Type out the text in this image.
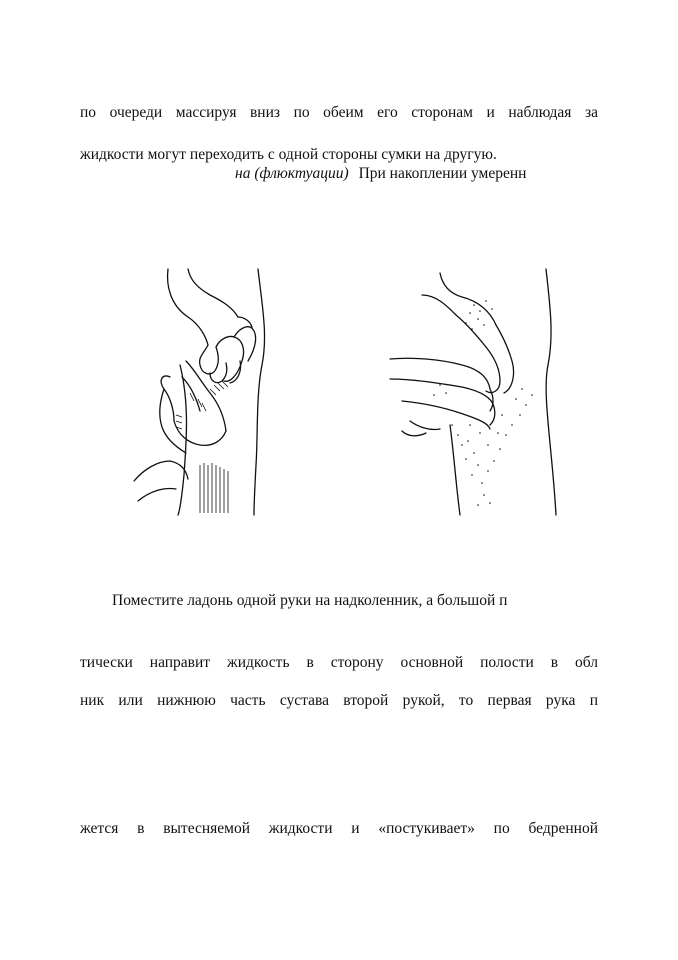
по очереди массируя вниз по обеим его сторонам и наблюдая за
жидкости могут переходить с одной стороны сумки на другую.
на (флюктуации) При накоплении умеренн
Поместите ладонь одной руки на надколенник, а большой п
тически направит жидкость в сторону основной полости в обл
ник или нижнюю часть сустава второй рукой, то первая рука п
жется в вытесняемой жидкости и «постукивает» по бедренной
